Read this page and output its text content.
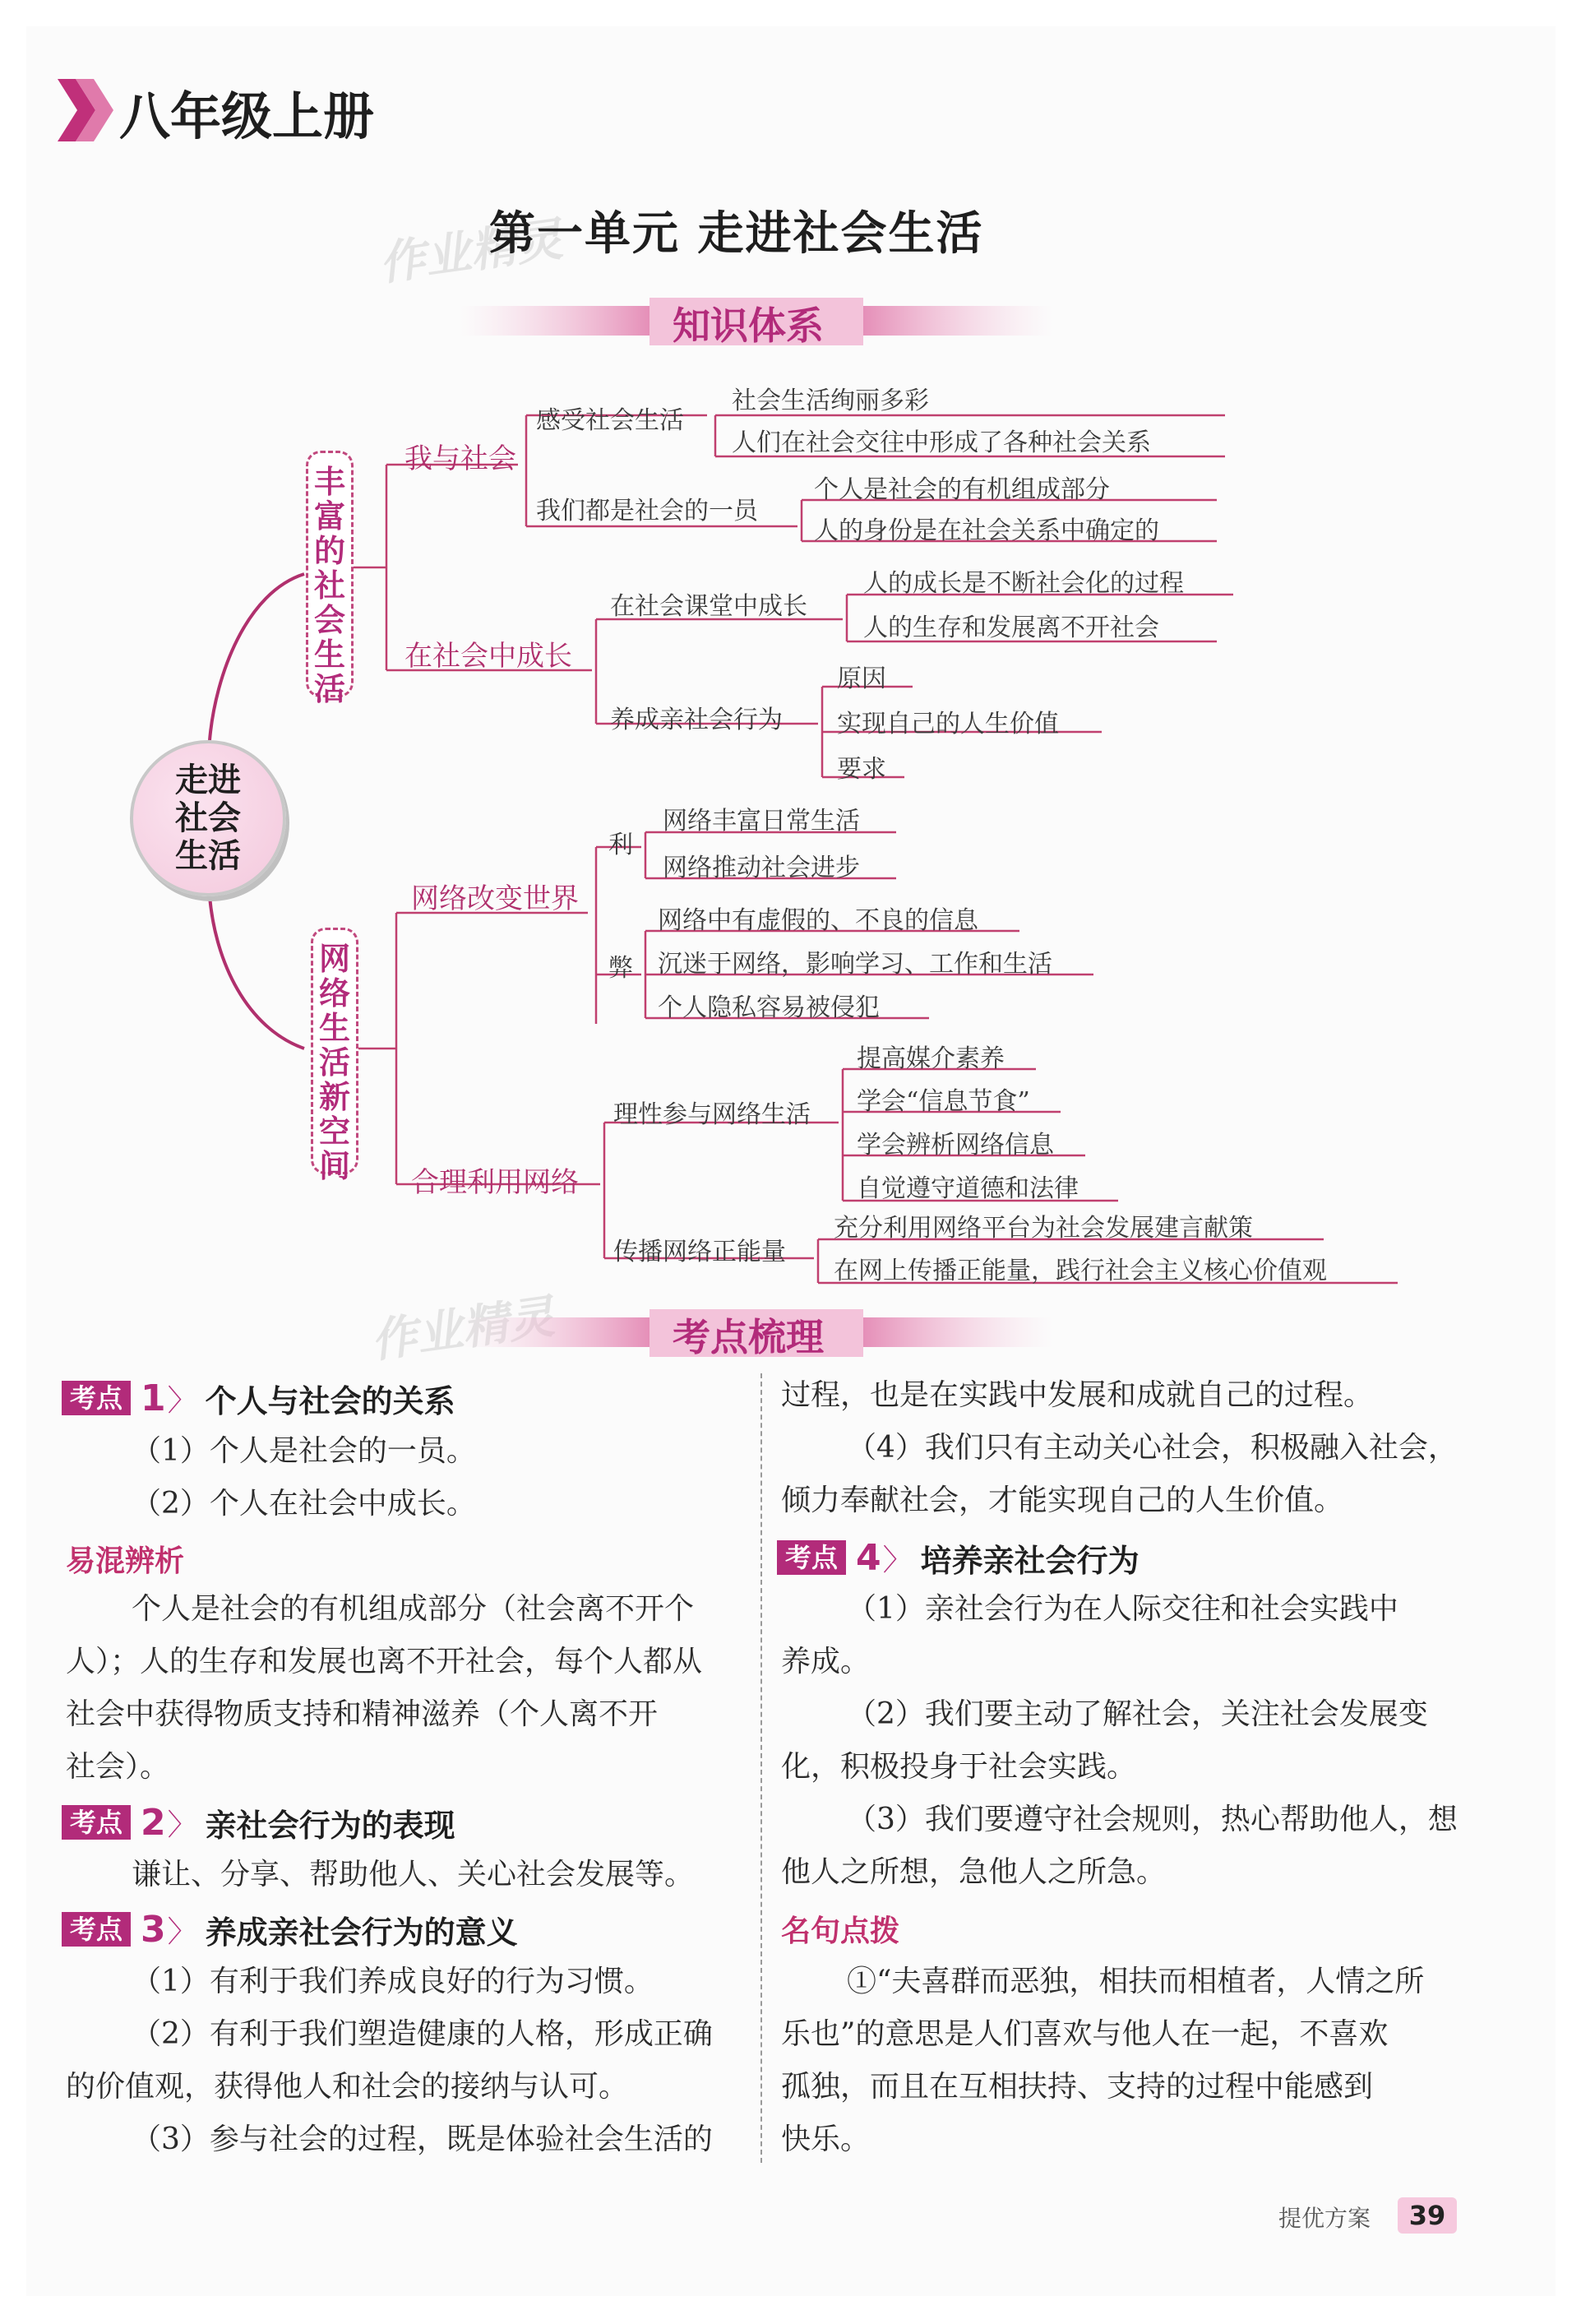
八年级上册
作业精灵
第一单元 走进社会生活
知识体系
走进
社会
生活
丰
富
的
社
会
生
活
网
络
生
活
新
空
间
我与社会
感受社会生活
社会生活绚丽多彩
人们在社会交往中形成了各种社会关系
我们都是社会的一员
个人是社会的有机组成部分
人的身份是在社会关系中确定的
在社会中成长
在社会课堂中成长
人的成长是不断社会化的过程
人的生存和发展离不开社会
养成亲社会行为
原因
实现自己的人生价值
要求
网络改变世界
利
网络丰富日常生活
网络推动社会进步
弊
网络中有虚假的、不良的信息
沉迷于网络，影响学习、工作和生活
个人隐私容易被侵犯
合理利用网络
理性参与网络生活
提高媒介素养
学会“信息节食”
学会辨析网络信息
自觉遵守道德和法律
传播网络正能量
充分利用网络平台为社会发展建言献策
在网上传播正能量，践行社会主义核心价值观
考点梳理
考点 1 〉 个人与社会的关系
（1）个人是社会的一员。
（2）个人在社会中成长。
易混辨析
个人是社会的有机组成部分（社会离不开个
人）；人的生存和发展也离不开社会，每个人都从
社会中获得物质支持和精神滋养（个人离不开
社会）。
考点 2 〉 亲社会行为的表现
谦让、分享、帮助他人、关心社会发展等。
考点 3 〉 养成亲社会行为的意义
（1）有利于我们养成良好的行为习惯。
（2）有利于我们塑造健康的人格，形成正确
的价值观，获得他人和社会的接纳与认可。
（3）参与社会的过程，既是体验社会生活的
过程，也是在实践中发展和成就自己的过程。
（4）我们只有主动关心社会，积极融入社会，
倾力奉献社会，才能实现自己的人生价值。
考点 4 〉 培养亲社会行为
（1）亲社会行为在人际交往和社会实践中
养成。
（2）我们要主动了解社会，关注社会发展变
化，积极投身于社会实践。
（3）我们要遵守社会规则，热心帮助他人，想
他人之所想，急他人之所急。
名句点拨
①“夫喜群而恶独，相扶而相植者，人情之所
乐也”的意思是人们喜欢与他人在一起，不喜欢
孤独，而且在互相扶持、支持的过程中能感到
快乐。
提优方案	39
